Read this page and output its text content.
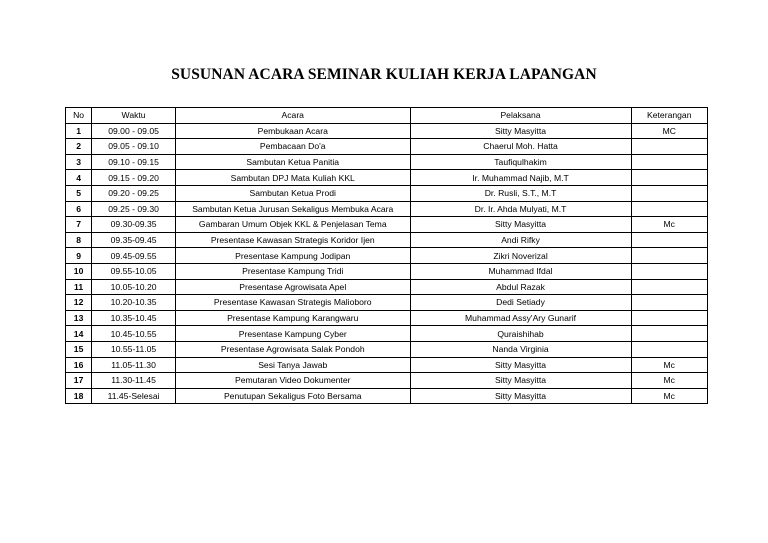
SUSUNAN ACARA SEMINAR KULIAH KERJA LAPANGAN
No	Waktu	Acara	Pelaksana	Keterangan
1	09.00 - 09.05	Pembukaan Acara	Sitty Masyitta	MC
2	09.05 - 09.10	Pembacaan Do'a	Chaerul Moh. Hatta	
3	09.10 - 09.15	Sambutan Ketua Panitia	Taufiqulhakim	
4	09.15 - 09.20	Sambutan DPJ Mata Kuliah KKL	Ir. Muhammad Najib, M.T	
5	09.20 - 09.25	Sambutan Ketua Prodi	Dr. Rusli, S.T., M.T	
6	09.25 - 09.30	Sambutan Ketua Jurusan Sekaligus Membuka Acara	Dr. Ir. Ahda Mulyati, M.T	
7	09.30-09.35	Gambaran Umum Objek KKL & Penjelasan Tema	Sitty Masyitta	Mc
8	09.35-09.45	Presentase Kawasan Strategis Koridor Ijen	Andi Rifky	
9	09.45-09.55	Presentase Kampung Jodipan	Zikri Noverizal	
10	09.55-10.05	Presentase Kampung Tridi	Muhammad Ifdal	
11	10.05-10.20	Presentase Agrowisata Apel	Abdul Razak	
12	10.20-10.35	Presentase Kawasan Strategis Malioboro	Dedi Setiady	
13	10.35-10.45	Presentase Kampung Karangwaru	Muhammad Assy'Ary Gunarif	
14	10.45-10.55	Presentase Kampung Cyber	Quraishihab	
15	10.55-11.05	Presentase Agrowisata Salak Pondoh	Nanda Virginia	
16	11.05-11.30	Sesi Tanya Jawab	Sitty Masyitta	Mc
17	11.30-11.45	Pemutaran Video Dokumenter	Sitty Masyitta	Mc
18	11.45-Selesai	Penutupan Sekaligus Foto Bersama	Sitty Masyitta	Mc
